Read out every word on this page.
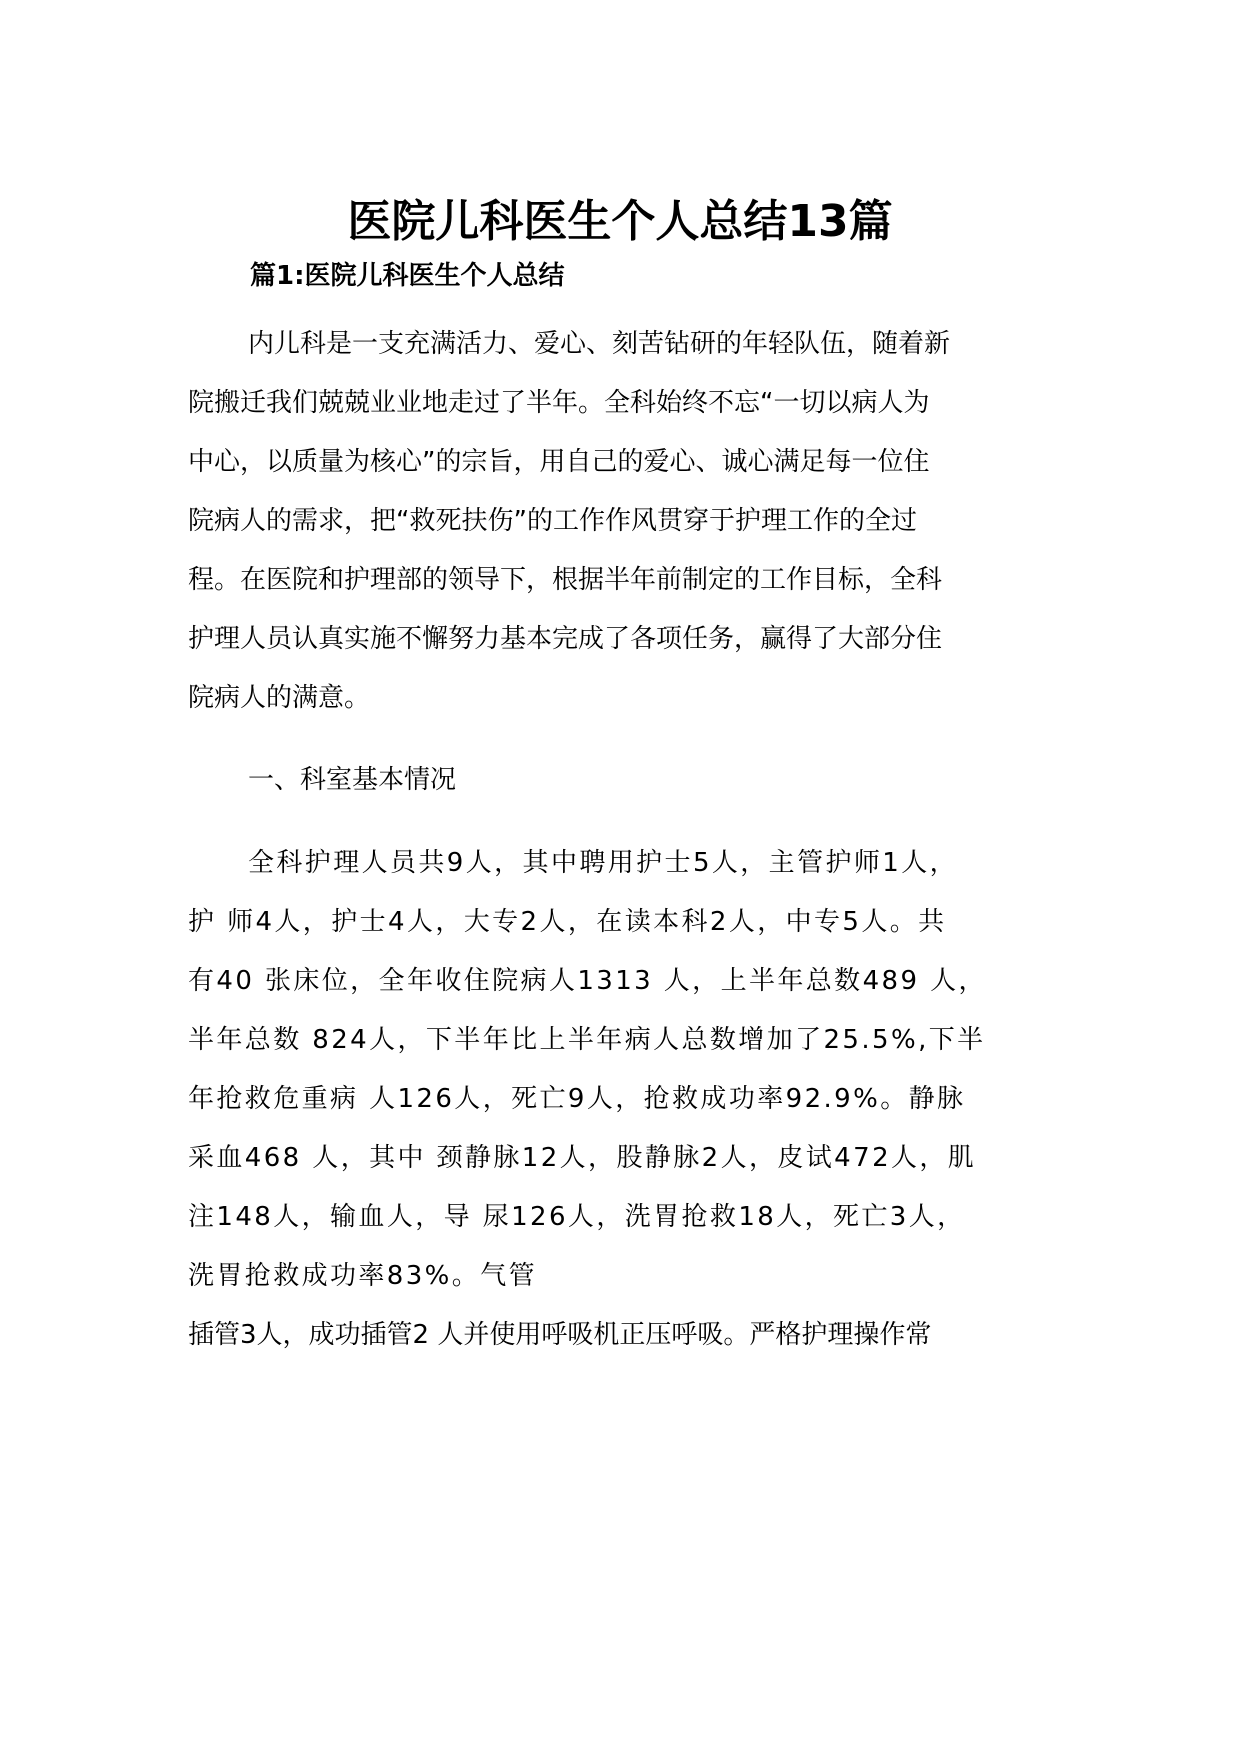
医院儿科医生个人总结13篇
篇1:医院儿科医生个人总结

内儿科是一支充满活力、爱心、刻苦钻研的年轻队伍，随着新

院搬迁我们兢兢业业地走过了半年。全科始终不忘“一切以病人为

中心，以质量为核心”的宗旨，用自己的爱心、诚心满足每一位住

院病人的需求，把“救死扶伤”的工作作风贯穿于护理工作的全过

程。在医院和护理部的领导下，根据半年前制定的工作目标，全科

护理人员认真实施不懈努力基本完成了各项任务，赢得了大部分住

院病人的满意。

一、科室基本情况

全科护理人员共9人，其中聘用护士5人，主管护师1人，

护 师4人，护士4人，大专2人，在读本科2人，中专5人。共

有40 张床位，全年收住院病人1313 人，上半年总数489 人，

半年总数 824人，下半年比上半年病人总数增加了25.5%,下半

年抢救危重病 人126人，死亡9人，抢救成功率92.9%。静脉

采血468 人，其中 颈静脉12人，股静脉2人，皮试472人，肌

注148人，输血人，导 尿126人，洗胃抢救18人，死亡3人，

洗胃抢救成功率83%。气管

插管3人，成功插管2 人并使用呼吸机正压呼吸。严格护理操作常
